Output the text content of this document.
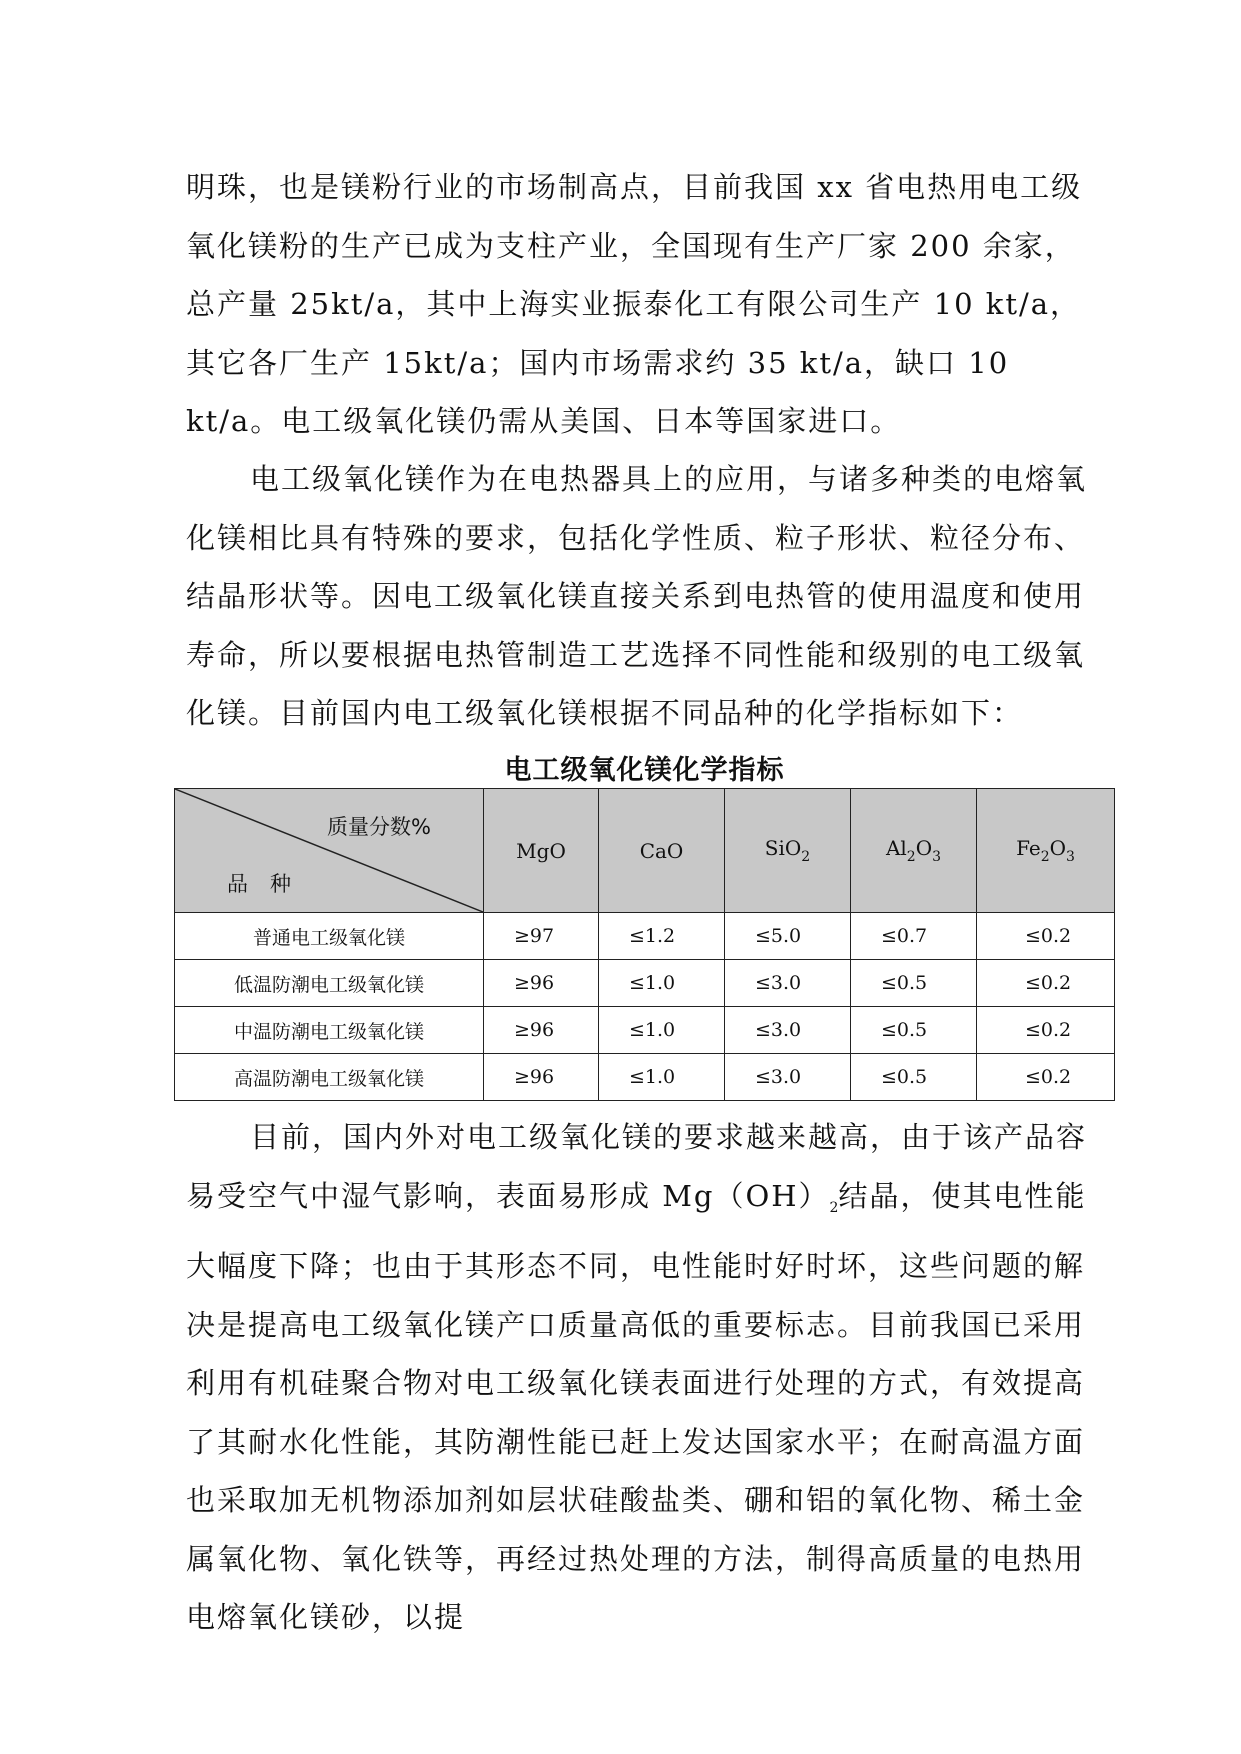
明珠，也是镁粉行业的市场制高点，目前我国 xx 省电热用电工级氧化镁粉的生产已成为支柱产业，全国现有生产厂家 200 余家，总产量 25kt/a，其中上海实业振泰化工有限公司生产 10 kt/a，其它各厂生产 15kt/a；国内市场需求约 35 kt/a，缺口 10 kt/a。电工级氧化镁仍需从美国、日本等国家进口。

电工级氧化镁作为在电热器具上的应用，与诸多种类的电熔氧化镁相比具有特殊的要求，包括化学性质、粒子形状、粒径分布、结晶形状等。因电工级氧化镁直接关系到电热管的使用温度和使用寿命，所以要根据电热管制造工艺选择不同性能和级别的电工级氧化镁。目前国内电工级氧化镁根据不同品种的化学指标如下：

电工级氧化镁化学指标
质量分数%
品种	MgO	CaO	SiO$_2$	$Al_2O_3$	$Fe_2O_3$
普通电工级氧化镁	≥97	≤1.2	≤5.0	≤0.7	≤0.2
低温防潮电工级氧化镁	≥96	≤1.0	≤3.0	≤0.5	≤0.2
中温防潮电工级氧化镁	≥96	≤1.0	≤3.0	≤0.5	≤0.2
高温防潮电工级氧化镁	≥96	≤1.0	≤3.0	≤0.5	≤0.2

目前，国内外对电工级氧化镁的要求越来越高，由于该产品容易受空气中湿气影响，表面易形成 $Mg(OH)_2$结晶，使其电性能大幅度下降；也由于其形态不同，电性能时好时坏，这些问题的解决是提高电工级氧化镁产口质量高低的重要标志。目前我国已采用利用有机硅聚合物对电工级氧化镁表面进行处理的方式，有效提高了其耐水化性能，其防潮性能已赶上发达国家水平；在耐高温方面也采取加无机物添加剂如层状硅酸盐类、硼和铝的氧化物、稀土金属氧化物、氧化铁等，再经过热处理的方法，制得高质量的电热用电熔氧化镁砂，以提
